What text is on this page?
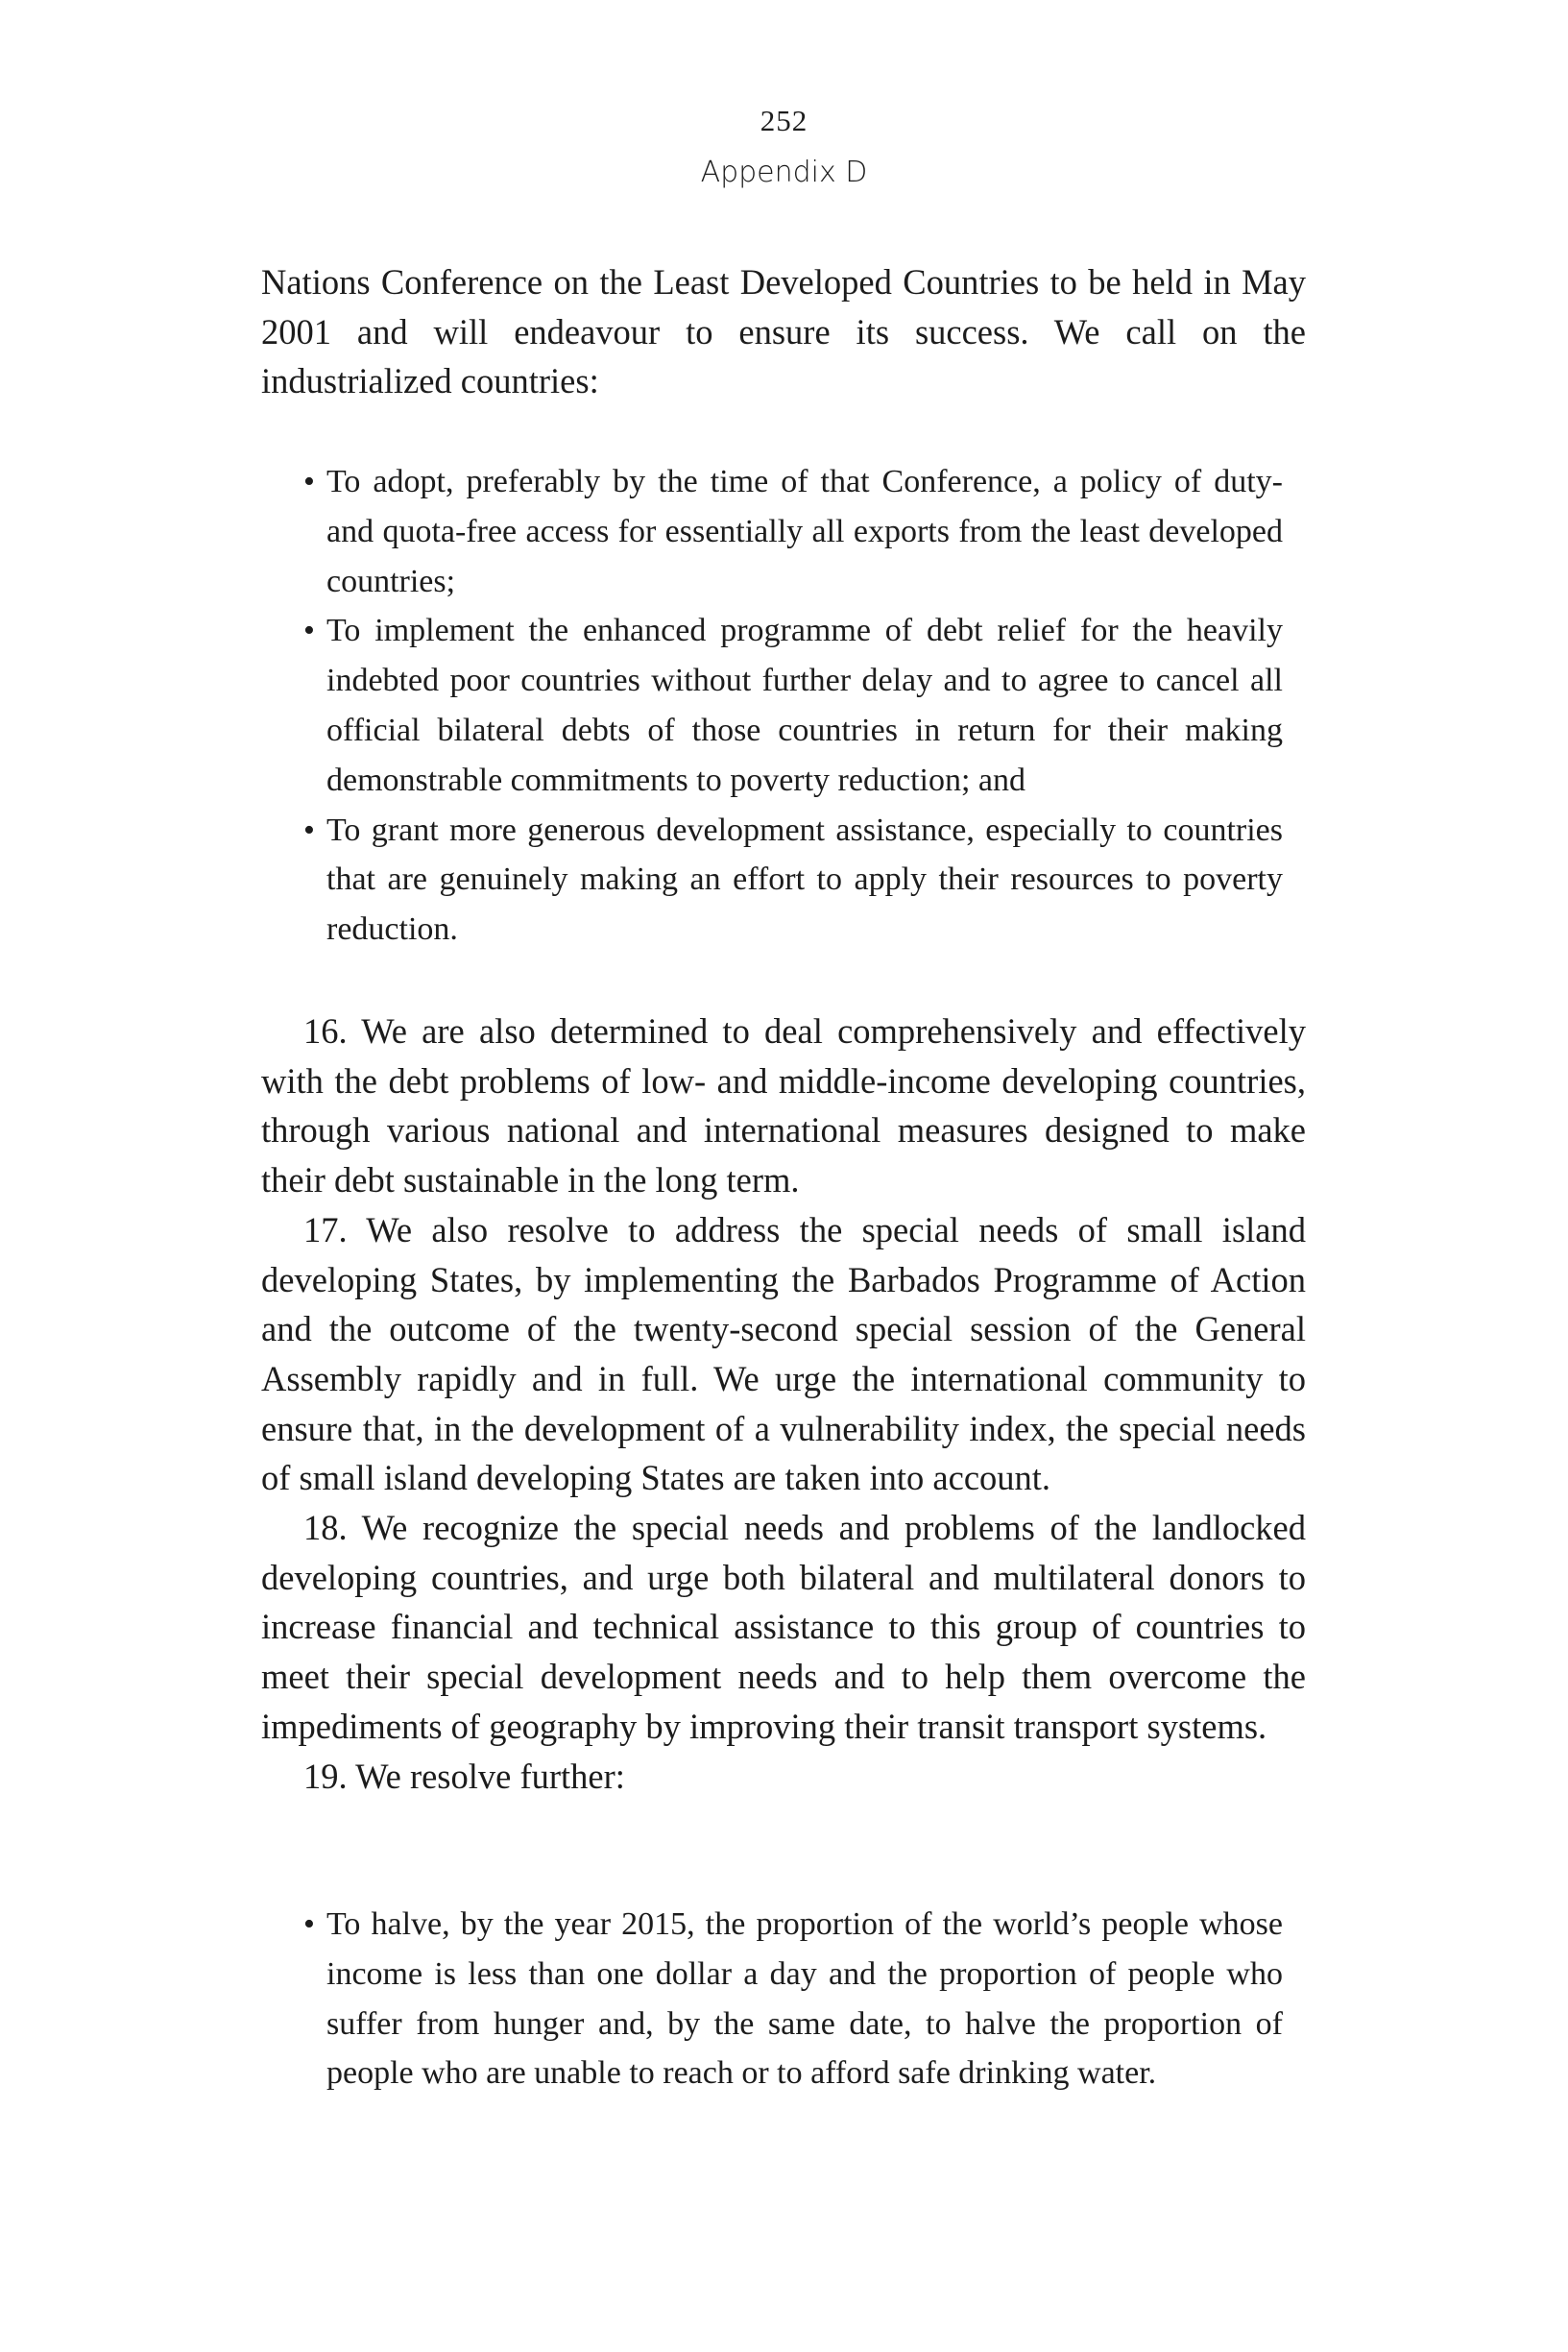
252
Appendix D

Nations Conference on the Least Developed Countries to be held in May 2001 and will endeavour to ensure its success. We call on the industrialized countries:

• To adopt, preferably by the time of that Conference, a policy of duty- and quota-free access for essentially all exports from the least developed countries;
• To implement the enhanced programme of debt relief for the heavily indebted poor countries without further delay and to agree to cancel all official bilateral debts of those countries in return for their making demonstrable commitments to poverty reduction; and
• To grant more generous development assistance, especially to countries that are genuinely making an effort to apply their resources to poverty reduction.

16. We are also determined to deal comprehensively and effectively with the debt problems of low- and middle-income developing countries, through various national and international measures designed to make their debt sustainable in the long term.

17. We also resolve to address the special needs of small island developing States, by implementing the Barbados Programme of Action and the outcome of the twenty-second special session of the General Assembly rapidly and in full. We urge the international community to ensure that, in the development of a vulnerability index, the special needs of small island developing States are taken into account.

18. We recognize the special needs and problems of the landlocked developing countries, and urge both bilateral and multilateral donors to increase financial and technical assistance to this group of countries to meet their special development needs and to help them overcome the impediments of geography by improving their transit transport systems.

19. We resolve further:

• To halve, by the year 2015, the proportion of the world’s people whose income is less than one dollar a day and the proportion of people who suffer from hunger and, by the same date, to halve the proportion of people who are unable to reach or to afford safe drinking water.
